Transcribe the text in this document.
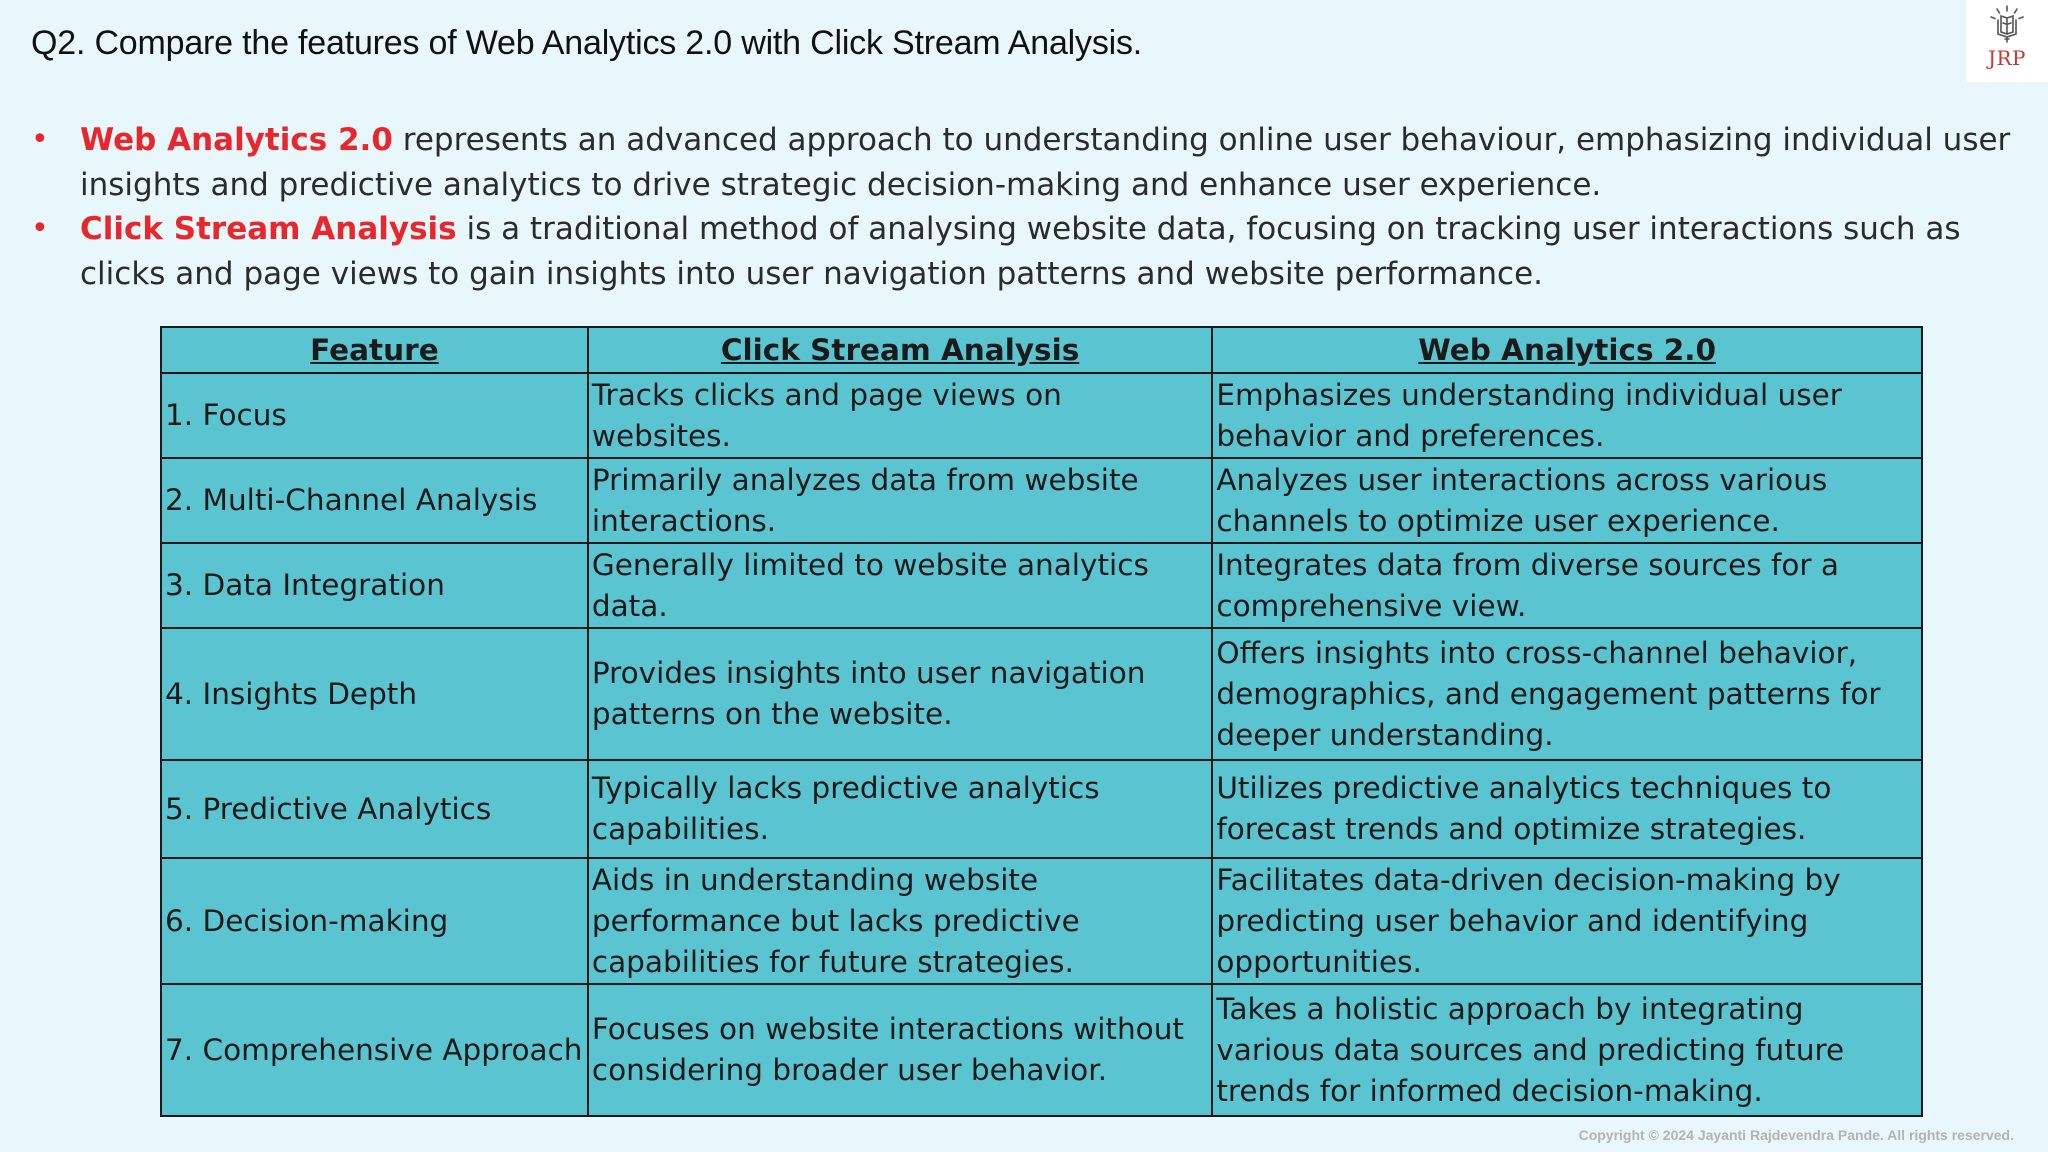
Q2. Compare the features of Web Analytics 2.0 with Click Stream Analysis.	JRP
• Web Analytics 2.0 represents an advanced approach to understanding online user behaviour, emphasizing individual user insights and predictive analytics to drive strategic decision-making and enhance user experience.
• Click Stream Analysis is a traditional method of analysing website data, focusing on tracking user interactions such as clicks and page views to gain insights into user navigation patterns and website performance.
Feature	Click Stream Analysis	Web Analytics 2.0
1. Focus	Tracks clicks and page views on websites.	Emphasizes understanding individual user behavior and preferences.
2. Multi-Channel Analysis	Primarily analyzes data from website interactions.	Analyzes user interactions across various channels to optimize user experience.
3. Data Integration	Generally limited to website analytics data.	Integrates data from diverse sources for a comprehensive view.
4. Insights Depth	Provides insights into user navigation patterns on the website.	Offers insights into cross-channel behavior, demographics, and engagement patterns for deeper understanding.
5. Predictive Analytics	Typically lacks predictive analytics capabilities.	Utilizes predictive analytics techniques to forecast trends and optimize strategies.
6. Decision-making	Aids in understanding website performance but lacks predictive capabilities for future strategies.	Facilitates data-driven decision-making by predicting user behavior and identifying opportunities.
7. Comprehensive Approach	Focuses on website interactions without considering broader user behavior.	Takes a holistic approach by integrating various data sources and predicting future trends for informed decision-making.
Copyright © 2024 Jayanti Rajdevendra Pande. All rights reserved.
